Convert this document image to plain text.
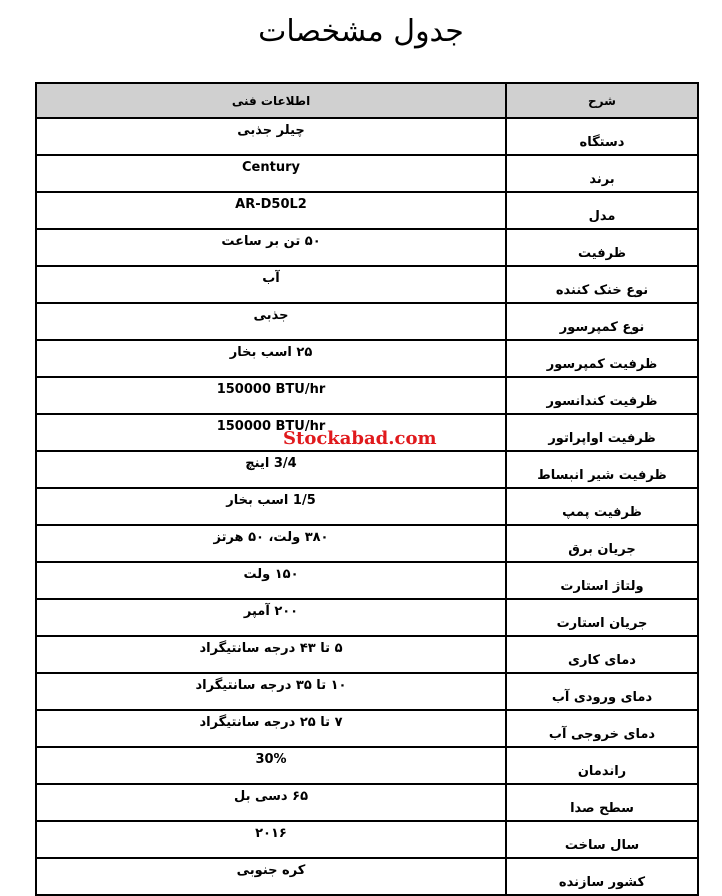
جدول مشخصات
شرح	اطلاعات فنی
دستگاه	چیلر جذبی
برند	Century
مدل	AR-D50L2
ظرفیت	۵۰ تن بر ساعت
نوع خنک کننده	آب
نوع کمپرسور	جذبی
ظرفیت کمپرسور	۲۵ اسب بخار
ظرفیت کندانسور	150000 BTU/hr
ظرفیت اواپراتور	150000 BTU/hr
ظرفیت شیر انبساط	3/4 اینچ
ظرفیت پمپ	1/5 اسب بخار
جریان برق	۳۸۰ ولت، ۵۰ هرتز
ولتاژ استارت	۱۵۰ ولت
جریان استارت	۲۰۰ آمپر
دمای کاری	۵ تا ۴۳ درجه سانتیگراد
دمای ورودی آب	۱۰ تا ۳۵ درجه سانتیگراد
دمای خروجی آب	۷ تا ۲۵ درجه سانتیگراد
راندمان	30%
سطح صدا	۶۵ دسی بل
سال ساخت	۲۰۱۶
کشور سازنده	کره جنوبی
Stockabad.com
